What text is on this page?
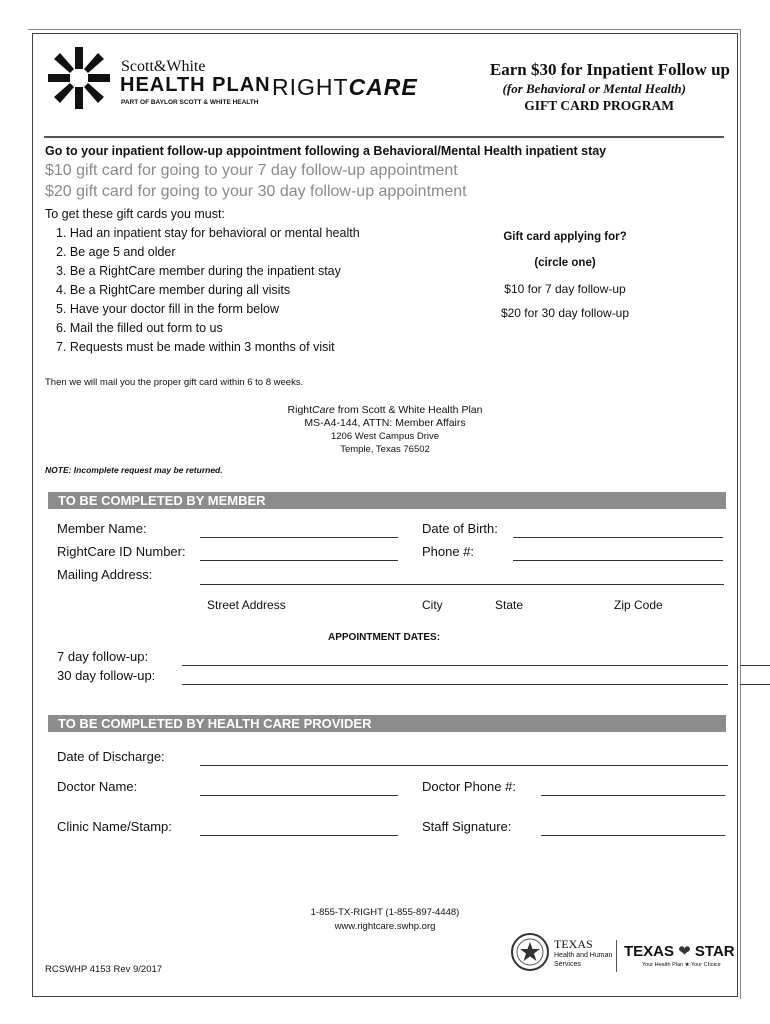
Scott&White
HEALTH PLAN
PART OF BAYLOR SCOTT & WHITE HEALTH
RIGHTCARE
Earn $30 for Inpatient Follow up
(for Behavioral or Mental Health)
GIFT CARD PROGRAM
Go to your inpatient follow-up appointment following a Behavioral/Mental Health inpatient stay
$10 gift card for going to your 7 day follow-up appointment
$20 gift card for going to your 30 day follow-up appointment
To get these gift cards you must:
1. Had an inpatient stay for behavioral or mental health
2. Be age 5 and older
3. Be a RightCare member during the inpatient stay
4. Be a RightCare member during all visits
5. Have your doctor fill in the form below
6. Mail the filled out form to us
7. Requests must be made within 3 months of visit
Gift card applying for?
(circle one)
$10 for 7 day follow-up
$20 for 30 day follow-up
Then we will mail you the proper gift card within 6 to 8 weeks.
RightCare from Scott & White Health Plan
MS-A4-144, ATTN: Member Affairs
1206 West Campus Drive
Temple, Texas 76502
NOTE: Incomplete request may be returned.
TO BE COMPLETED BY MEMBER
Member Name:	Date of Birth:
RightCare ID Number:	Phone #:
Mailing Address:
Street Address	City	State	Zip Code
APPOINTMENT DATES:
7 day follow-up:
30 day follow-up:
TO BE COMPLETED BY HEALTH CARE PROVIDER
Date of Discharge:
Doctor Name:	Doctor Phone #:
Clinic Name/Stamp:	Staff Signature:
1-855-TX-RIGHT (1-855-897-4448)
www.rightcare.swhp.org
TEXAS
Health and Human
Services
TEXAS ❤ STAR
Your Health Plan ★ Your Choice
RCSWHP 4153 Rev 9/2017
